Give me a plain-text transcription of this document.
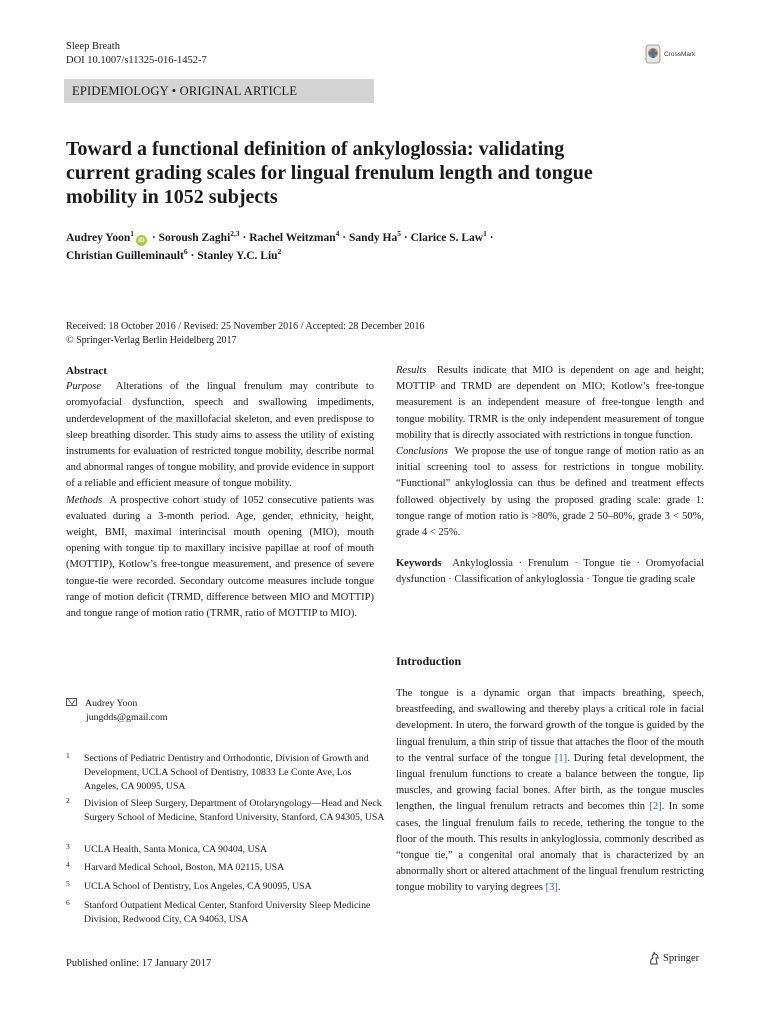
Sleep Breath
DOI 10.1007/s11325-016-1452-7
CrossMark
EPIDEMIOLOGY • ORIGINAL ARTICLE
Toward a functional definition of ankyloglossia: validating
current grading scales for lingual frenulum length and tongue
mobility in 1052 subjects
Audrey Yoon$^1$iD · Soroush Zaghi$^{2,3}$ · Rachel Weitzman$^4$ · Sandy $Ha^5$ · Clarice S. Law$^1$ ·
Christian Guilleminault$^6$ · Stanley Y.C. Liu$^2$
Received: 18 October 2016 / Revised: 25 November 2016 / Accepted: 28 December 2016
© Springer-Verlag Berlin Heidelberg 2017

Abstract

Purpose Alterations of the lingual frenulum may contribute to oromyofacial dysfunction, speech and swallowing impediments, underdevelopment of the maxillofacial skeleton, and even predispose to sleep breathing disorder. This study aims to assess the utility of existing instruments for evaluation of restricted tongue mobility, describe normal and abnormal ranges of tongue mobility, and provide evidence in support of a reliable and efficient measure of tongue mobility.

Methods A prospective cohort study of 1052 consecutive patients was evaluated during a 3-month period. Age, gender, ethnicity, height, weight, BMI, maximal interincisal mouth opening (MIO), mouth opening with tongue tip to maxillary incisive papillae at roof of mouth (MOTTIP), Kotlow’s free-tongue measurement, and presence of severe tongue-tie were recorded. Secondary outcome measures include tongue range of motion deficit (TRMD, difference between MIO and MOTTIP) and tongue range of motion ratio (TRMR, ratio of MOTTIP to MIO).

Results Results indicate that MIO is dependent on age and height; MOTTIP and TRMD are dependent on MIO; Kotlow’s free-tongue measurement is an independent measure of free-tongue length and tongue mobility. TRMR is the only independent measurement of tongue mobility that is directly associated with restrictions in tongue function.

Conclusions We propose the use of tongue range of motion ratio as an initial screening tool to assess for restrictions in tongue mobility. “Functional” ankyloglossia can thus be defined and treatment effects followed objectively by using the proposed grading scale: grade 1: tongue range of motion ratio is >80%, grade 2 50–80%, grade 3 < 50%, grade 4 < 25%.

Keywords Ankyloglossia · Frenulum · Tongue tie · Oromyofacial dysfunction · Classification of ankyloglossia · Tongue tie grading scale

Introduction

The tongue is a dynamic organ that impacts breathing, speech, breastfeeding, and swallowing and thereby plays a critical role in facial development. In utero, the forward growth of the tongue is guided by the lingual frenulum, a thin strip of tissue that attaches the floor of the mouth to the ventral surface of the tongue [1]. During fetal development, the lingual frenulum functions to create a balance between the tongue, lip muscles, and growing facial bones. After birth, as the tongue muscles lengthen, the lingual frenulum retracts and becomes thin [2]. In some cases, the lingual frenulum fails to recede, tethering the tongue to the floor of the mouth. This results in ankyloglossia, commonly described as “tongue tie,” a congenital oral anomaly that is characterized by an abnormally short or altered attachment of the lingual frenulum restricting tongue mobility to varying degrees [3].

Audrey Yoon
jungdds@gmail.com
1 Sections of Pediatric Dentistry and Orthodontic, Division of Growth and Development, UCLA School of Dentistry, 10833 Le Conte Ave, Los Angeles, CA 90095, USA
2 Division of Sleep Surgery, Department of Otolaryngology—Head and Neck Surgery School of Medicine, Stanford University, Stanford, CA 94305, USA
3 UCLA Health, Santa Monica, CA 90404, USA
4 Harvard Medical School, Boston, MA 02115, USA
5 UCLA School of Dentistry, Los Angeles, CA 90095, USA
6 Stanford Outpatient Medical Center, Stanford University Sleep Medicine Division, Redwood City, CA 94063, USA
Published online: 17 January 2017	Springer
